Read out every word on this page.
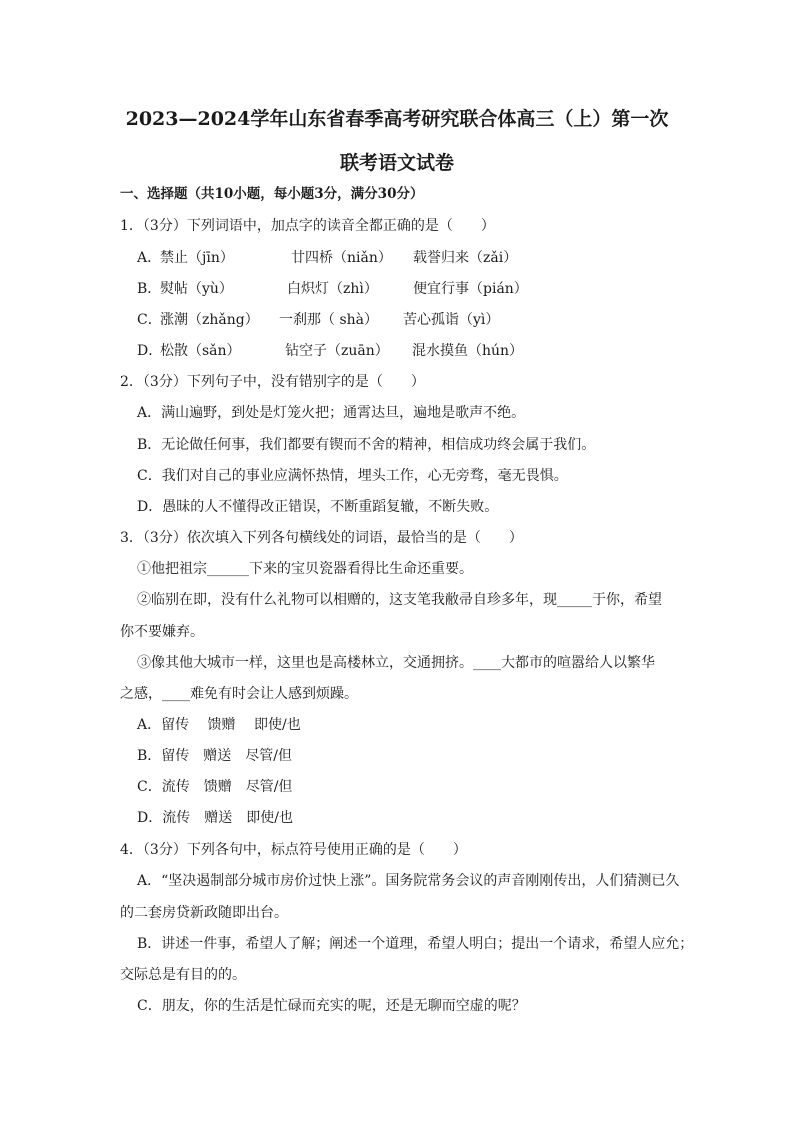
2023—2024学年山东省春季高考研究联合体高三（上）第一次
联考语文试卷
一、选择题（共10小题，每小题3分，满分30分）
1．（3分）下列词语中，加点字的读音全都正确的是（　　）
A．
禁止（jīn）	廿四桥（niǎn） 载誉归来（zǎi）
B．
熨帖（yù）	白炽灯（zhì）	便宜行事（pián）
C．
涨潮（zhǎng） 一刹那（ shà） 苦心孤诣（yì）
D．
松散（sǎn）	钻空子（zuān） 混水摸鱼（hún）
2．（3分）下列句子中，没有错别字的是（　　）
A．满山遍野，到处是灯笼火把；通霄达旦，遍地是歌声不绝。
B．无论做任何事，我们都要有锲而不舍的精神，相信成功终会属于我们。
C．我们对自己的事业应满怀热情，埋头工作，心无旁骛，毫无畏惧。
D．愚昧的人不懂得改正错误，不断重蹈复辙，不断失败。
3．（3分）依次填入下列各句横线处的词语，最恰当的是（　　）
①他把祖宗______下来的宝贝瓷器看得比生命还重要。
②临别在即，没有什么礼物可以相赠的，这支笔我敝帚自珍多年，现_____于你，希望
你不要嫌弃。
③像其他大城市一样，这里也是高楼林立，交通拥挤。____大都市的喧嚣给人以繁华
之感，____难免有时会让人感到烦躁。
A．留传　 馈赠　 即使/也
B．留传　赠送　尽管/但
C．流传　馈赠　尽管/但
D．流传　赠送　即使/也
4．（3分）下列各句中，标点符号使用正确的是（　　）
A．“坚决遏制部分城市房价过快上涨”。国务院常务会议的声音刚刚传出，人们猜测已久
的二套房贷新政随即出台。
B．讲述一件事，希望人了解；阐述一个道理，希望人明白；提出一个请求，希望人应允；
交际总是有目的的。
C．朋友，你的生活是忙碌而充实的呢，还是无聊而空虚的呢？
